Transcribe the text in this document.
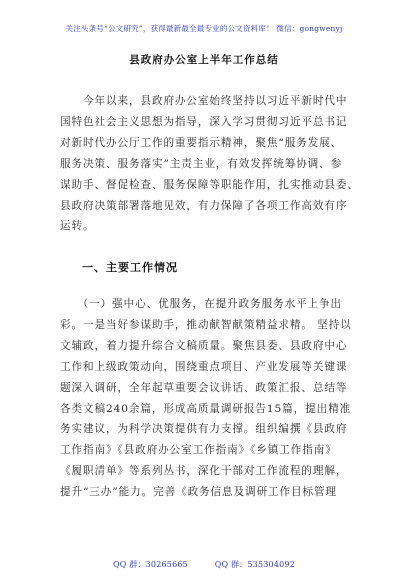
关注头条号“公文研究”，获得最新最全最专业的公文资料库！ 微信：gongwenyj
县政府办公室上半年工作总结
　　今年以来，县政府办公室始终坚持以习近平新时代中
国特色社会主义思想为指导，深入学习贯彻习近平总书记
对新时代办公厅工作的重要指示精神，聚焦“服务发展、
服务决策、服务落实”主责主业，有效发挥统筹协调、参
谋助手、督促检查、服务保障等职能作用，扎实推动县委、
县政府决策部署落地见效，有力保障了各项工作高效有序
运转。
一、主要工作情况
　　（一）强中心、优服务，在提升政务服务水平上争出
彩。一是当好参谋助手，推动献智献策精益求精。 坚持以
文辅政，着力提升综合文稿质量。聚焦县委、县政府中心
工作和上级政策动向，围绕重点项目、产业发展等关键课
题深入调研，全年起草重要会议讲话、政策汇报、总结等
各类文稿240余篇，形成高质量调研报告15篇，提出精准
务实建议，为科学决策提供有力支撑。组织编撰《县政府
工作指南》《县政府办公室工作指南》《乡镇工作指南》
《履职清单》等系列丛书，深化干部对工作流程的理解，
提升“三办”能力。完善《政务信息及调研工作目标管理
QQ 群：30265665	QQ 群：535304092
